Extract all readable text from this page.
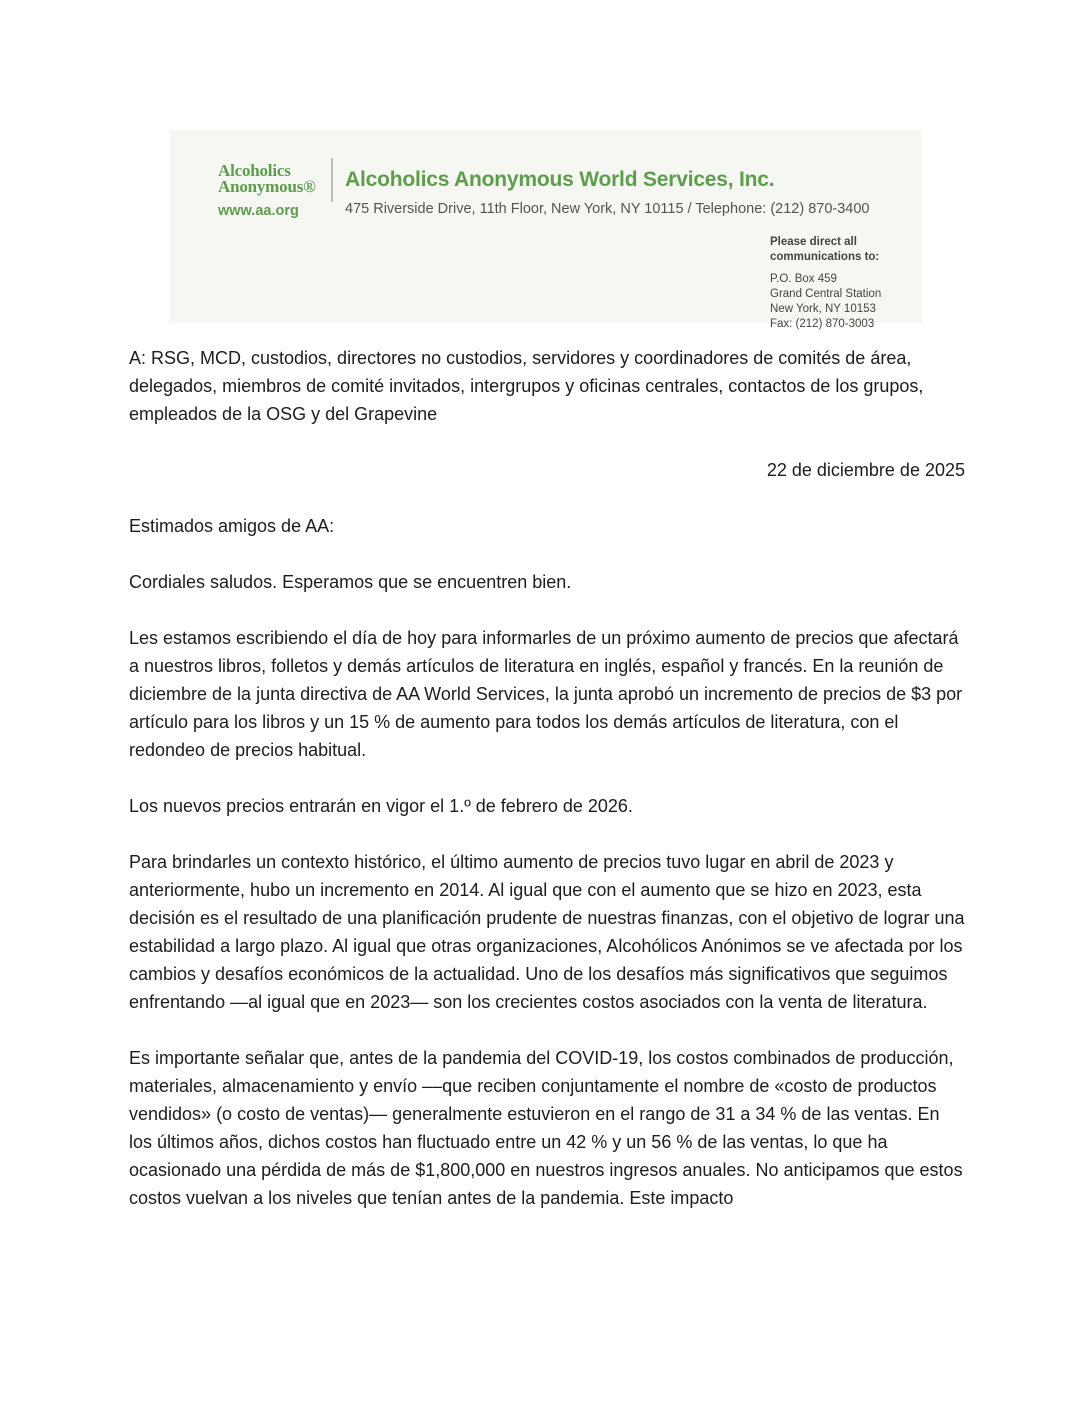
Alcoholics
Anonymous®
www.aa.org
Alcoholics Anonymous World Services, Inc.
475 Riverside Drive, 11th Floor, New York, NY 10115 / Telephone: (212) 870-3400
Please direct all
communications to:
P.O. Box 459
Grand Central Station
New York, NY 10153
Fax: (212) 870-3003

A: RSG, MCD, custodios, directores no custodios, servidores y coordinadores de comités de área, delegados, miembros de comité invitados, intergrupos y oficinas centrales, contactos de los grupos, empleados de la OSG y del Grapevine

22 de diciembre de 2025

Estimados amigos de AA:

Cordiales saludos. Esperamos que se encuentren bien.

Les estamos escribiendo el día de hoy para informarles de un próximo aumento de precios que afectará a nuestros libros, folletos y demás artículos de literatura en inglés, español y francés. En la reunión de diciembre de la junta directiva de AA World Services, la junta aprobó un incremento de precios de $3 por artículo para los libros y un 15 % de aumento para todos los demás artículos de literatura, con el redondeo de precios habitual.

Los nuevos precios entrarán en vigor el 1.º de febrero de 2026.

Para brindarles un contexto histórico, el último aumento de precios tuvo lugar en abril de 2023 y anteriormente, hubo un incremento en 2014. Al igual que con el aumento que se hizo en 2023, esta decisión es el resultado de una planificación prudente de nuestras finanzas, con el objetivo de lograr una estabilidad a largo plazo. Al igual que otras organizaciones, Alcohólicos Anónimos se ve afectada por los cambios y desafíos económicos de la actualidad. Uno de los desafíos más significativos que seguimos enfrentando —al igual que en 2023— son los crecientes costos asociados con la venta de literatura.

Es importante señalar que, antes de la pandemia del COVID-19, los costos combinados de producción, materiales, almacenamiento y envío ––que reciben conjuntamente el nombre de «costo de productos vendidos» (o costo de ventas)— generalmente estuvieron en el rango de 31 a 34 % de las ventas. En los últimos años, dichos costos han fluctuado entre un 42 % y un 56 % de las ventas, lo que ha ocasionado una pérdida de más de $1,800,000 en nuestros ingresos anuales. No anticipamos que estos costos vuelvan a los niveles que tenían antes de la pandemia. Este impacto
